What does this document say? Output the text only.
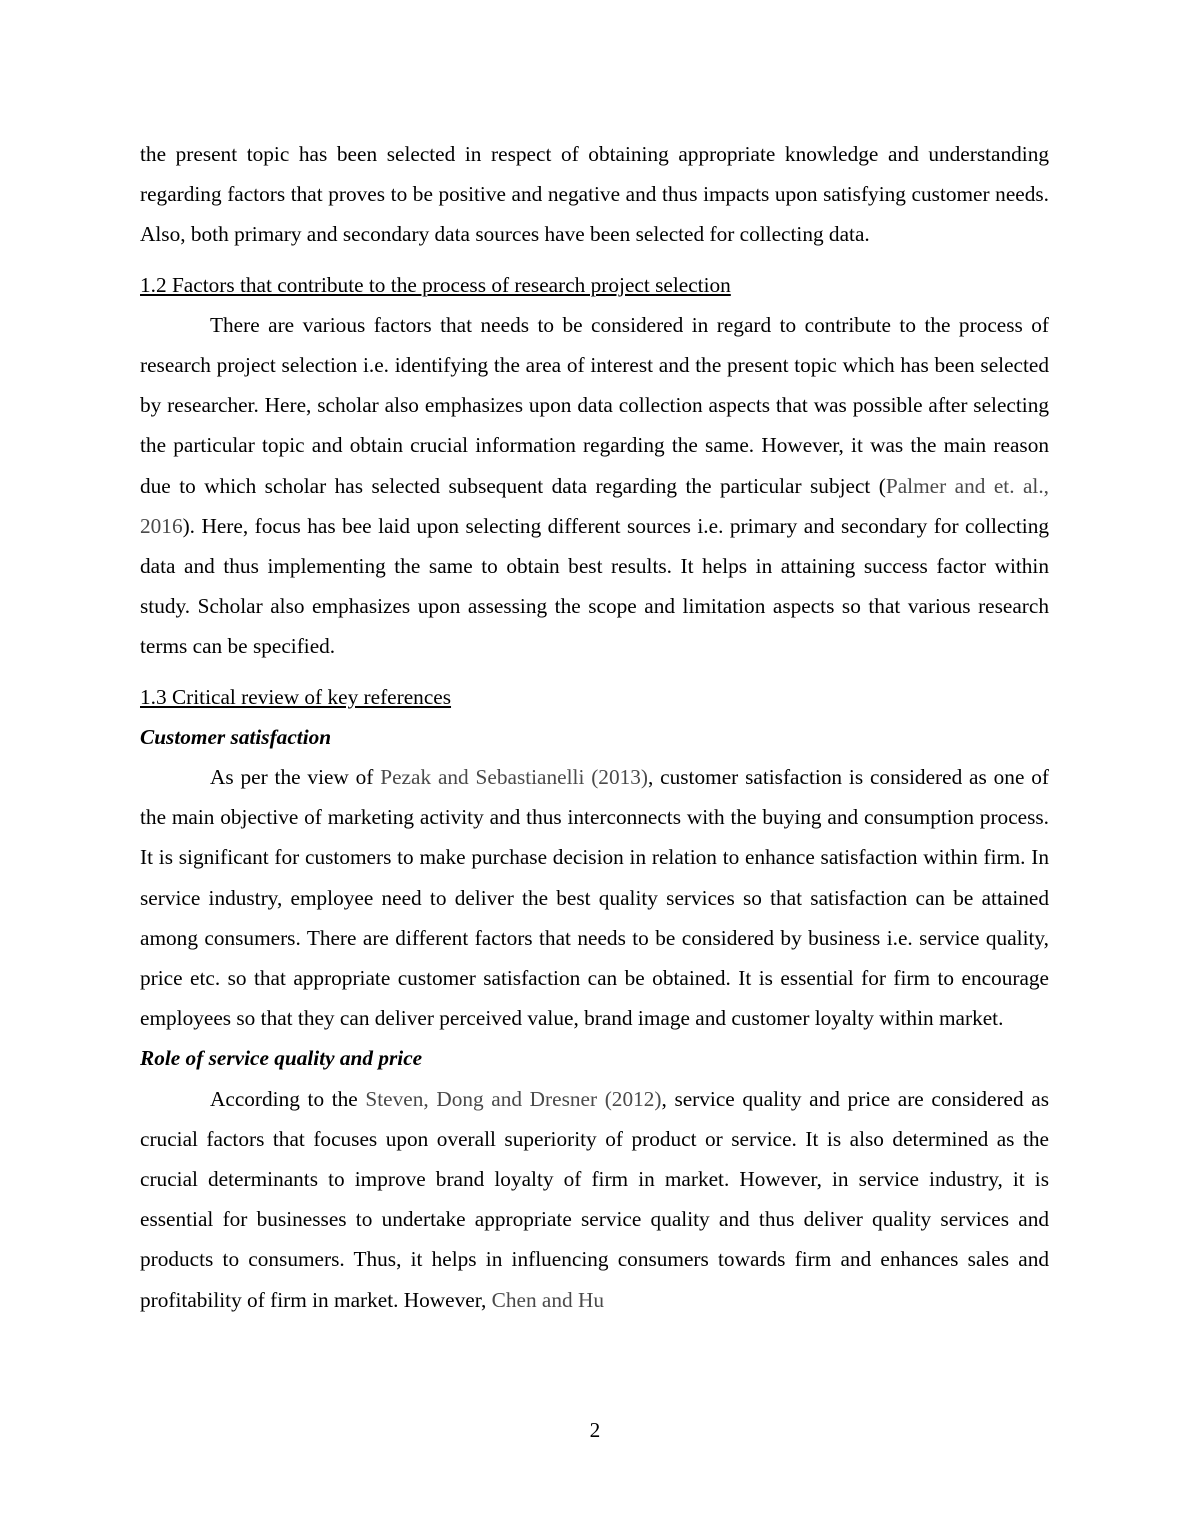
the present topic has been selected in respect of obtaining appropriate knowledge and understanding regarding factors that proves to be positive and negative and thus impacts upon satisfying customer needs. Also, both primary and secondary data sources have been selected for collecting data.

1.2 Factors that contribute to the process of research project selection

There are various factors that needs to be considered in regard to contribute to the process of research project selection i.e. identifying the area of interest and the present topic which has been selected by researcher. Here, scholar also emphasizes upon data collection aspects that was possible after selecting the particular topic and obtain crucial information regarding the same. However, it was the main reason due to which scholar has selected subsequent data regarding the particular subject (Palmer and et. al., 2016). Here, focus has bee laid upon selecting different sources i.e. primary and secondary for collecting data and thus implementing the same to obtain best results. It helps in attaining success factor within study. Scholar also emphasizes upon assessing the scope and limitation aspects so that various research terms can be specified.

1.3 Critical review of key references

Customer satisfaction

As per the view of Pezak and Sebastianelli (2013), customer satisfaction is considered as one of the main objective of marketing activity and thus interconnects with the buying and consumption process. It is significant for customers to make purchase decision in relation to enhance satisfaction within firm. In service industry, employee need to deliver the best quality services so that satisfaction can be attained among consumers. There are different factors that needs to be considered by business i.e. service quality, price etc. so that appropriate customer satisfaction can be obtained. It is essential for firm to encourage employees so that they can deliver perceived value, brand image and customer loyalty within market.

Role of service quality and price

According to the Steven, Dong and Dresner (2012), service quality and price are considered as crucial factors that focuses upon overall superiority of product or service. It is also determined as the crucial determinants to improve brand loyalty of firm in market. However, in service industry, it is essential for businesses to undertake appropriate service quality and thus deliver quality services and products to consumers. Thus, it helps in influencing consumers towards firm and enhances sales and profitability of firm in market. However, Chen and Hu

2
